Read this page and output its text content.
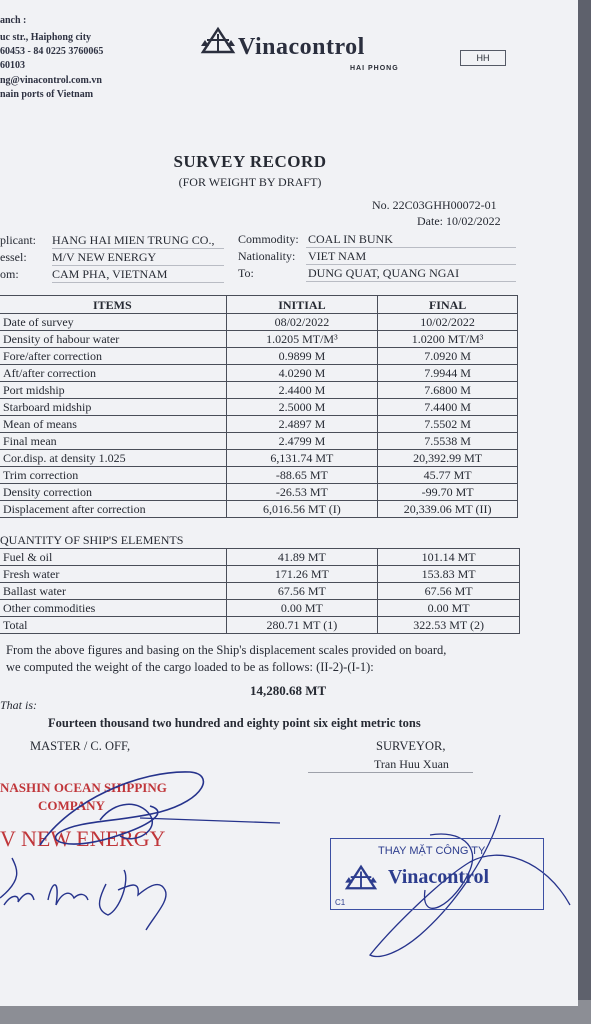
anch :
uc str., Haiphong city
60453 - 84 0225 3760065
60103
ng@vinacontrol.com.vn
nain ports of Vietnam
Vinacontrol
HAI PHONG
HH
SURVEY RECORD
(FOR WEIGHT BY DRAFT)
No. 22C03GHH00072-01
Date: 10/02/2022
plicant: HANG HAI MIEN TRUNG CO., Commodity: COAL IN BUNK
essel: M/V NEW ENERGY	Nationality: VIET NAM
om:	CAM PHA, VIETNAM	To:	DUNG QUAT, QUANG NGAI
ITEMS	INITIAL	FINAL
Date of survey	08/02/2022	10/02/2022
Density of habour water	1.0205 MT/M³	1.0200 MT/M³
Fore/after correction	0.9899 M	7.0920 M
Aft/after correction	4.0290 M	7.9944 M
Port midship	2.4400 M	7.6800 M
Starboard midship	2.5000 M	7.4400 M
Mean of means	2.4897 M	7.5502 M
Final mean	2.4799 M	7.5538 M
Cor.disp. at density 1.025	6,131.74 MT	20,392.99 MT
Trim correction	-88.65 MT	45.77 MT
Density correction	-26.53 MT	-99.70 MT
Displacement after correction	6,016.56 MT (I)	20,339.06 MT (II)
QUANTITY OF SHIP'S ELEMENTS
Fuel & oil	41.89 MT	101.14 MT
Fresh water	171.26 MT	153.83 MT
Ballast water	67.56 MT	67.56 MT
Other commodities	0.00 MT	0.00 MT
Total	280.71 MT (1)	322.53 MT (2)
From the above figures and basing on the Ship's displacement scales provided on board,
we computed the weight of the cargo loaded to be as follows: (II-2)-(I-1):
14,280.68 MT
That is:
Fourteen thousand two hundred and eighty point six eight metric tons
MASTER / C. OFF,	SURVEYOR,
Tran Huu Xuan
NASHIN OCEAN SHIPPING
COMPANY
V NEW ENERGY	THAY MẶT CÔNG TY
Vinacontrol
C1
